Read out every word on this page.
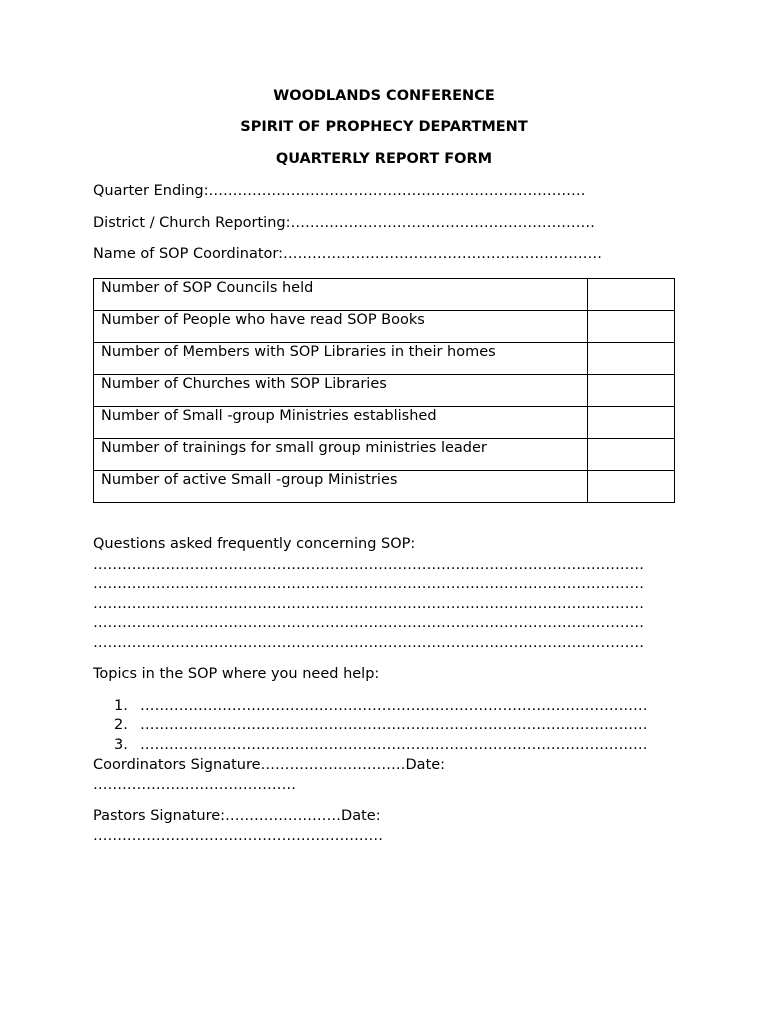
WOODLANDS CONFERENCE
SPIRIT OF PROPHECY DEPARTMENT
QUARTERLY REPORT FORM
Quarter Ending:……………………………………………………………………
District / Church Reporting:………………………………………………………
Name of SOP Coordinator:…………………………………………………………
Number of SOP Councils held	
Number of People who have read SOP Books	
Number of Members with SOP Libraries in their homes	
Number of Churches with SOP Libraries	
Number of Small -group Ministries established	
Number of trainings for small group ministries leader	
Number of active Small -group Ministries	
Questions asked frequently concerning SOP:
……………………………………………………………………………………………………
……………………………………………………………………………………………………
……………………………………………………………………………………………………
……………………………………………………………………………………………………
……………………………………………………………………………………………………
Topics in the SOP where you need help:
1. ……………………………………………………………………………………………
2. ……………………………………………………………………………………………
3. ……………………………………………………………………………………………
Coordinators Signature…………………………Date:
……………………………………
Pastors Signature:……………………Date:
……………………………………………………
